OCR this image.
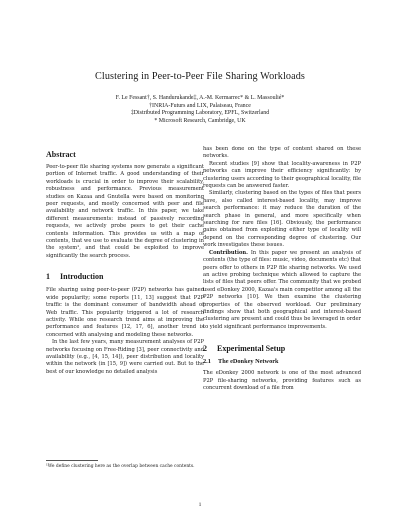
Clustering in Peer-to-Peer File Sharing Workloads
F. Le Fessant†, S. Handurukande‡, A.-M. Kermarrec* & L. Massoulié*
†INRIA-Futurs and LIX, Palaiseau, France
‡Distributed Programming Laboratory, EPFL, Switzerland
* Microsoft Research, Cambridge, UK
Abstract

Peer-to-peer file sharing systems now generate a significant portion of Internet traffic. A good understanding of their workloads is crucial in order to improve their scalability, robustness and performance. Previous measurement studies on Kazaa and Gnutella were based on monitoring peer requests, and mostly concerned with peer and file availability and network traffic. In this paper, we take different measurements: instead of passively recording requests, we actively probe peers to get their cache contents information. This provides us with a map of contents, that we use to evaluate the degree of clustering in the system¹, and that could be exploited to improve significantly the search process.

1 Introduction

File sharing using peer-to-peer (P2P) networks has gained wide popularity; some reports [11, 13] suggest that P2P traffic is the dominant consumer of bandwidth ahead of Web traffic. This popularity triggered a lot of research activity. While one research trend aims at improving the performance and features [12, 17, 6], another trend is concerned with analysing and modeling these networks.

In the last few years, many measurement analyses of P2P networks focusing on Free-Riding [3], peer connectivity and availability (e.g., [4, 15, 14]), peer distribution and locality within the network (in [15, 9]) were carried out. But to the best of our knowledge no detailed analysis

has been done on the type of content shared on these networks.

Recent studies [9] show that locality-awareness in P2P networks can improve their efficiency significantly: by clustering users according to their geographical locality, file requests can be answered faster.

Similarly, clustering based on the types of files that peers have, also called interest-based locality, may improve search performance: it may reduce the duration of the search phase in general, and more specifically when searching for rare files [16]. Obviously, the performance gains obtained from exploiting either type of locality will depend on the corresponding degree of clustering. Our work investigates these issues.

Contribution. In this paper we present an analysis of contents (the type of files: music, video, documents etc) that peers offer to others in P2P file sharing networks. We used an active probing technique which allowed to capture the lists of files that peers offer. The community that we probed used eDonkey 2000, Kazaa's main competitor among all the P2P networks [10]. We then examine the clustering properties of the observed workload. Our preliminary findings show that both geographical and interest-based clustering are present and could thus be leveraged in order to yield significant performance improvements.

2 Experimental Setup
2.1 The eDonkey Network

The eDonkey 2000 network is one of the most advanced P2P file-sharing networks, providing features such as concurrent download of a file from

¹We define clustering here as the overlap between cache contents.
1
